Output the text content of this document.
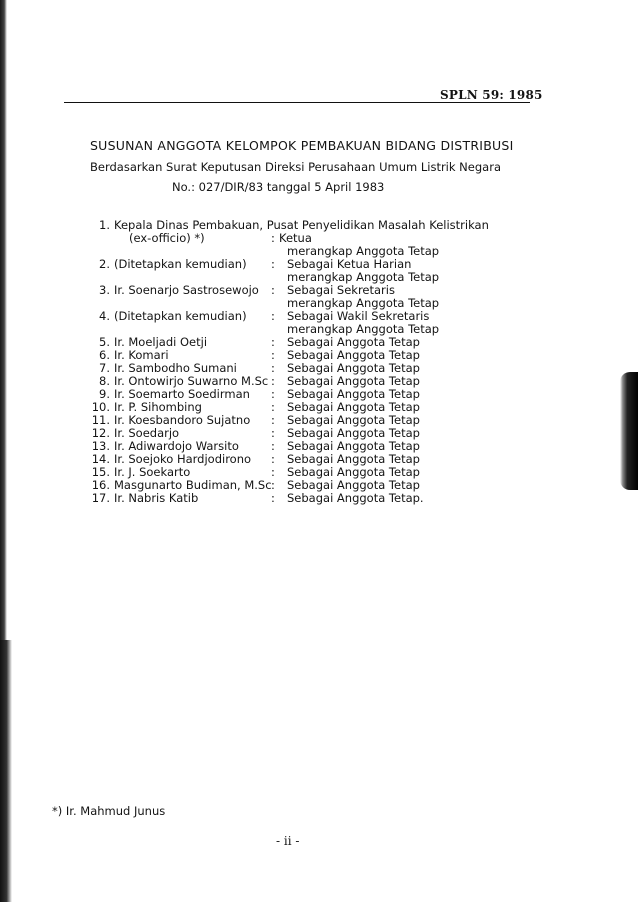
SPLN 59: 1985
SUSUNAN ANGGOTA KELOMPOK PEMBAKUAN BIDANG DISTRIBUSI
Berdasarkan Surat Keputusan Direksi Perusahaan Umum Listrik Negara
No.: 027/DIR/83 tanggal 5 April 1983
1. Kepala Dinas Pembakuan, Pusat Penyelidikan Masalah Kelistrikan
(ex-officio) *)	: Ketua
merangkap Anggota Tetap
2. (Ditetapkan kemudian) : Sebagai Ketua Harian
merangkap Anggota Tetap
3. Ir. Soenarjo Sastrosewojo : Sebagai Sekretaris
merangkap Anggota Tetap
4. (Ditetapkan kemudian) : Sebagai Wakil Sekretaris
merangkap Anggota Tetap
5. Ir. Moeljadi Oetji	: Sebagai Anggota Tetap
6. Ir. Komari	: Sebagai Anggota Tetap
7. Ir. Sambodho Sumani	: Sebagai Anggota Tetap
8. Ir. Ontowirjo Suwarno M.Sc : Sebagai Anggota Tetap
9. Ir. Soemarto Soedirman : Sebagai Anggota Tetap
10. Ir. P. Sihombing	: Sebagai Anggota Tetap
11. Ir. Koesbandoro Sujatno : Sebagai Anggota Tetap
12. Ir. Soedarjo	: Sebagai Anggota Tetap
13. Ir. Adiwardojo Warsito	: Sebagai Anggota Tetap
14. Ir. Soejoko Hardjodirono : Sebagai Anggota Tetap
15. Ir. J. Soekarto	: Sebagai Anggota Tetap
16. Masgunarto Budiman, M.Sc : Sebagai Anggota Tetap
17. Ir. Nabris Katib	: Sebagai Anggota Tetap.
*) Ir. Mahmud Junus
- ii -
